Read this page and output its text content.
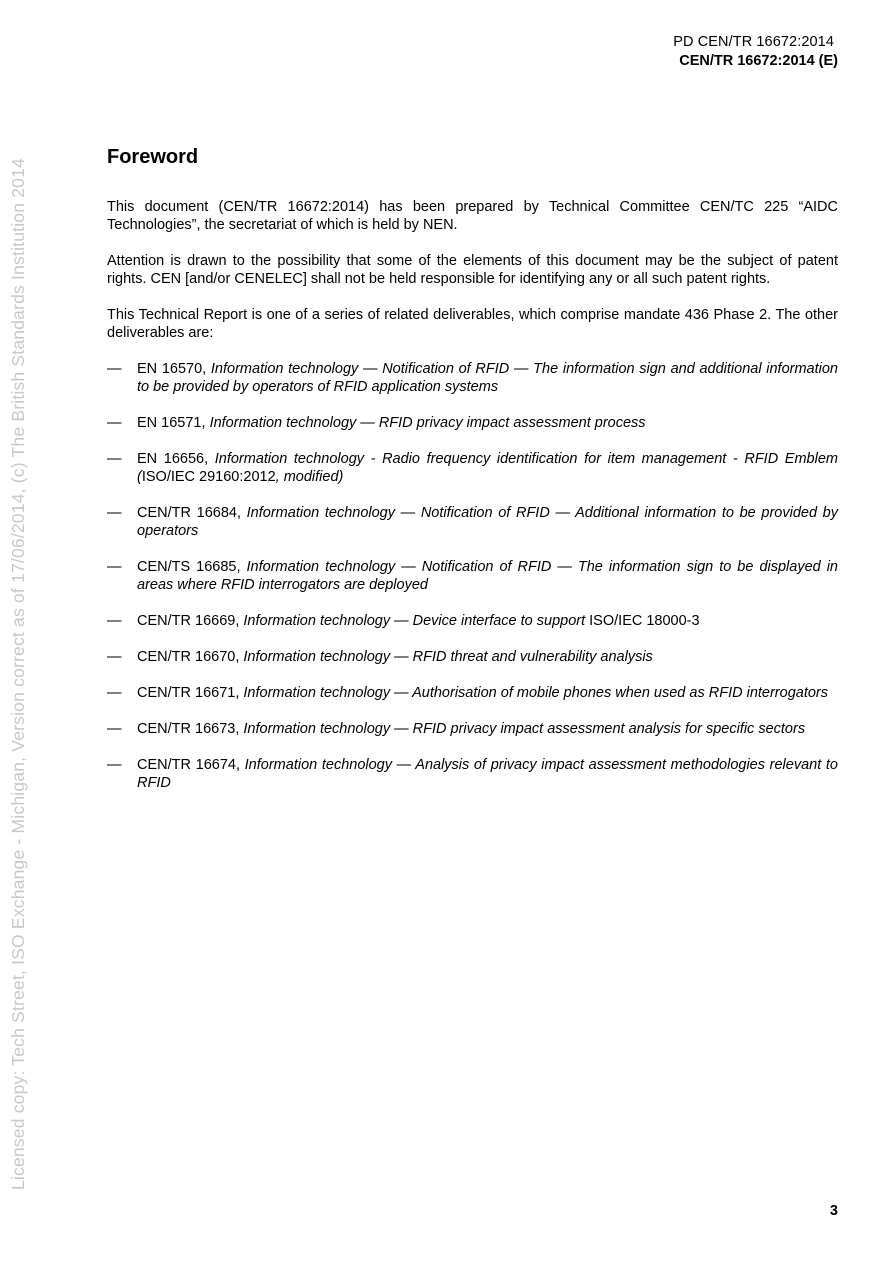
PD CEN/TR 16672:2014
CEN/TR 16672:2014 (E)
Licensed copy: Tech Street, ISO Exchange - Michigan, Version correct as of 17/06/2014, (c) The British Standards Institution 2014
Foreword

This document (CEN/TR 16672:2014) has been prepared by Technical Committee CEN/TC 225 “AIDC Technologies”, the secretariat of which is held by NEN.

Attention is drawn to the possibility that some of the elements of this document may be the subject of patent rights. CEN [and/or CENELEC] shall not be held responsible for identifying any or all such patent rights.

This Technical Report is one of a series of related deliverables, which comprise mandate 436 Phase 2. The other deliverables are:

— EN 16570, Information technology — Notification of RFID — The information sign and additional information to be provided by operators of RFID application systems
— EN 16571, Information technology — RFID privacy impact assessment process
— EN 16656, Information technology - Radio frequency identification for item management - RFID Emblem (ISO/IEC 29160:2012, modified)
— CEN/TR 16684, Information technology — Notification of RFID — Additional information to be provided by operators
— CEN/TS 16685, Information technology — Notification of RFID — The information sign to be displayed in areas where RFID interrogators are deployed
— CEN/TR 16669, Information technology — Device interface to support ISO/IEC 18000-3
— CEN/TR 16670, Information technology — RFID threat and vulnerability analysis
— CEN/TR 16671, Information technology — Authorisation of mobile phones when used as RFID interrogators
— CEN/TR 16673, Information technology — RFID privacy impact assessment analysis for specific sectors
— CEN/TR 16674, Information technology — Analysis of privacy impact assessment methodologies relevant to RFID
3
